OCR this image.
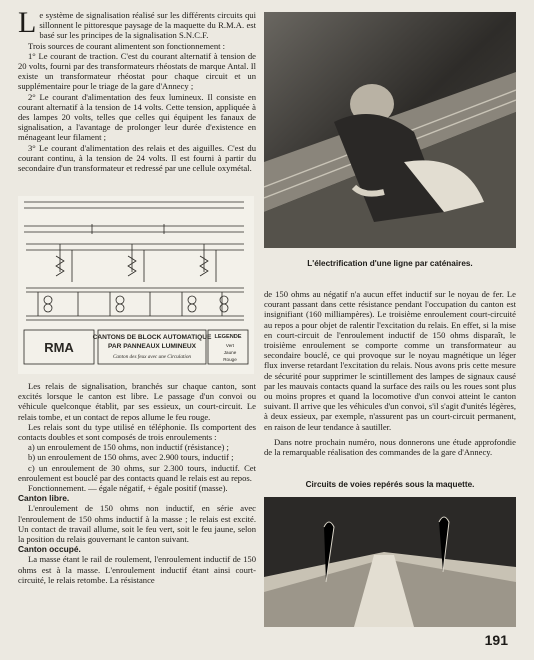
Le système de signalisation réalisé sur les différents circuits qui sillonnent le pittoresque paysage de la maquette du R.M.A. est basé sur les principes de la signalisation S.N.C.F.

Trois sources de courant alimentent son fonctionnement :

1° Le courant de traction. C'est du courant alternatif à tension de 20 volts, fourni par des transformateurs rhéostats de marque Antal. Il existe un transformateur rhéostat pour chaque circuit et un supplémentaire pour le triage de la gare d'Annecy ;

2° Le courant d'alimentation des feux lumineux. Il consiste en courant alternatif à la tension de 14 volts. Cette tension, appliquée à des lampes 20 volts, telles que celles qui équipent les fanaux de signalisation, a l'avantage de prolonger leur durée d'existence en ménageant leur filament ;

3° Le courant d'alimentation des relais et des aiguilles. C'est du courant continu, à la tension de 24 volts. Il est fourni à partir du secondaire d'un transformateur et redressé par une cellule oxymétal.

CANTONS DE BLOCK AUTOMATIQUE
PAR PANNEAUX LUMINEUX
Canton des feux avec une Circulation
LEGENDE
Vert
Jaune
Rouge
RMA

Les relais de signalisation, branchés sur chaque canton, sont excités lorsque le canton est libre. Le passage d'un convoi ou véhicule quelconque établit, par ses essieux, un court-circuit. Le relais tombe, et un contact de repos allume le feu rouge.

Les relais sont du type utilisé en téléphonie. Ils comportent des contacts doubles et sont composés de trois enroulements :

a) un enroulement de 150 ohms, non inductif (résistance) ;

b) un enroulement de 150 ohms, avec 2.900 tours, inductif ;

c) un enroulement de 30 ohms, sur 2.300 tours, inductif. Cet enroulement est bouclé par des contacts quand le relais est au repos.

Fonctionnement. — égale négatif, + égale positif (masse).

Canton libre.

L'enroulement de 150 ohms non inductif, en série avec l'enroulement de 150 ohms inductif à la masse ; le relais est excité. Un contact de travail allume, soit le feu vert, soit le feu jaune, selon la position du relais gouvernant le canton suivant.

Canton occupé.

La masse étant le rail de roulement, l'enroulement inductif de 150 ohms est à la masse. L'enroulement inductif étant ainsi court-circuité, le relais retombe. La résistance

L'électrification d'une ligne par caténaires.

de 150 ohms au négatif n'a aucun effet inductif sur le noyau de fer. Le courant passant dans cette résistance pendant l'occupation du canton est insignifiant (160 milliampères). Le troisième enroulement court-circuité au repos a pour objet de ralentir l'excitation du relais. En effet, si la mise en court-circuit de l'enroulement inductif de 150 ohms disparaît, le troisième enroulement se comporte comme un transformateur au secondaire bouclé, ce qui provoque sur le noyau magnétique un léger flux inverse retardant l'excitation du relais. Nous avons pris cette mesure de sécurité pour supprimer le scintillement des lampes de signaux causé par les mauvais contacts quand la surface des rails ou les roues sont plus ou moins propres et quand la locomotive d'un convoi atteint le canton suivant. Il arrive que les véhicules d'un convoi, s'il s'agit d'unités légères, à deux essieux, par exemple, n'assurent pas un court-circuit permanent, en raison de leur tendance à sautiller.

Dans notre prochain numéro, nous donnerons une étude approfondie de la remarquable réalisation des commandes de la gare d'Annecy.

Circuits de voies repérés sous la maquette.
191
